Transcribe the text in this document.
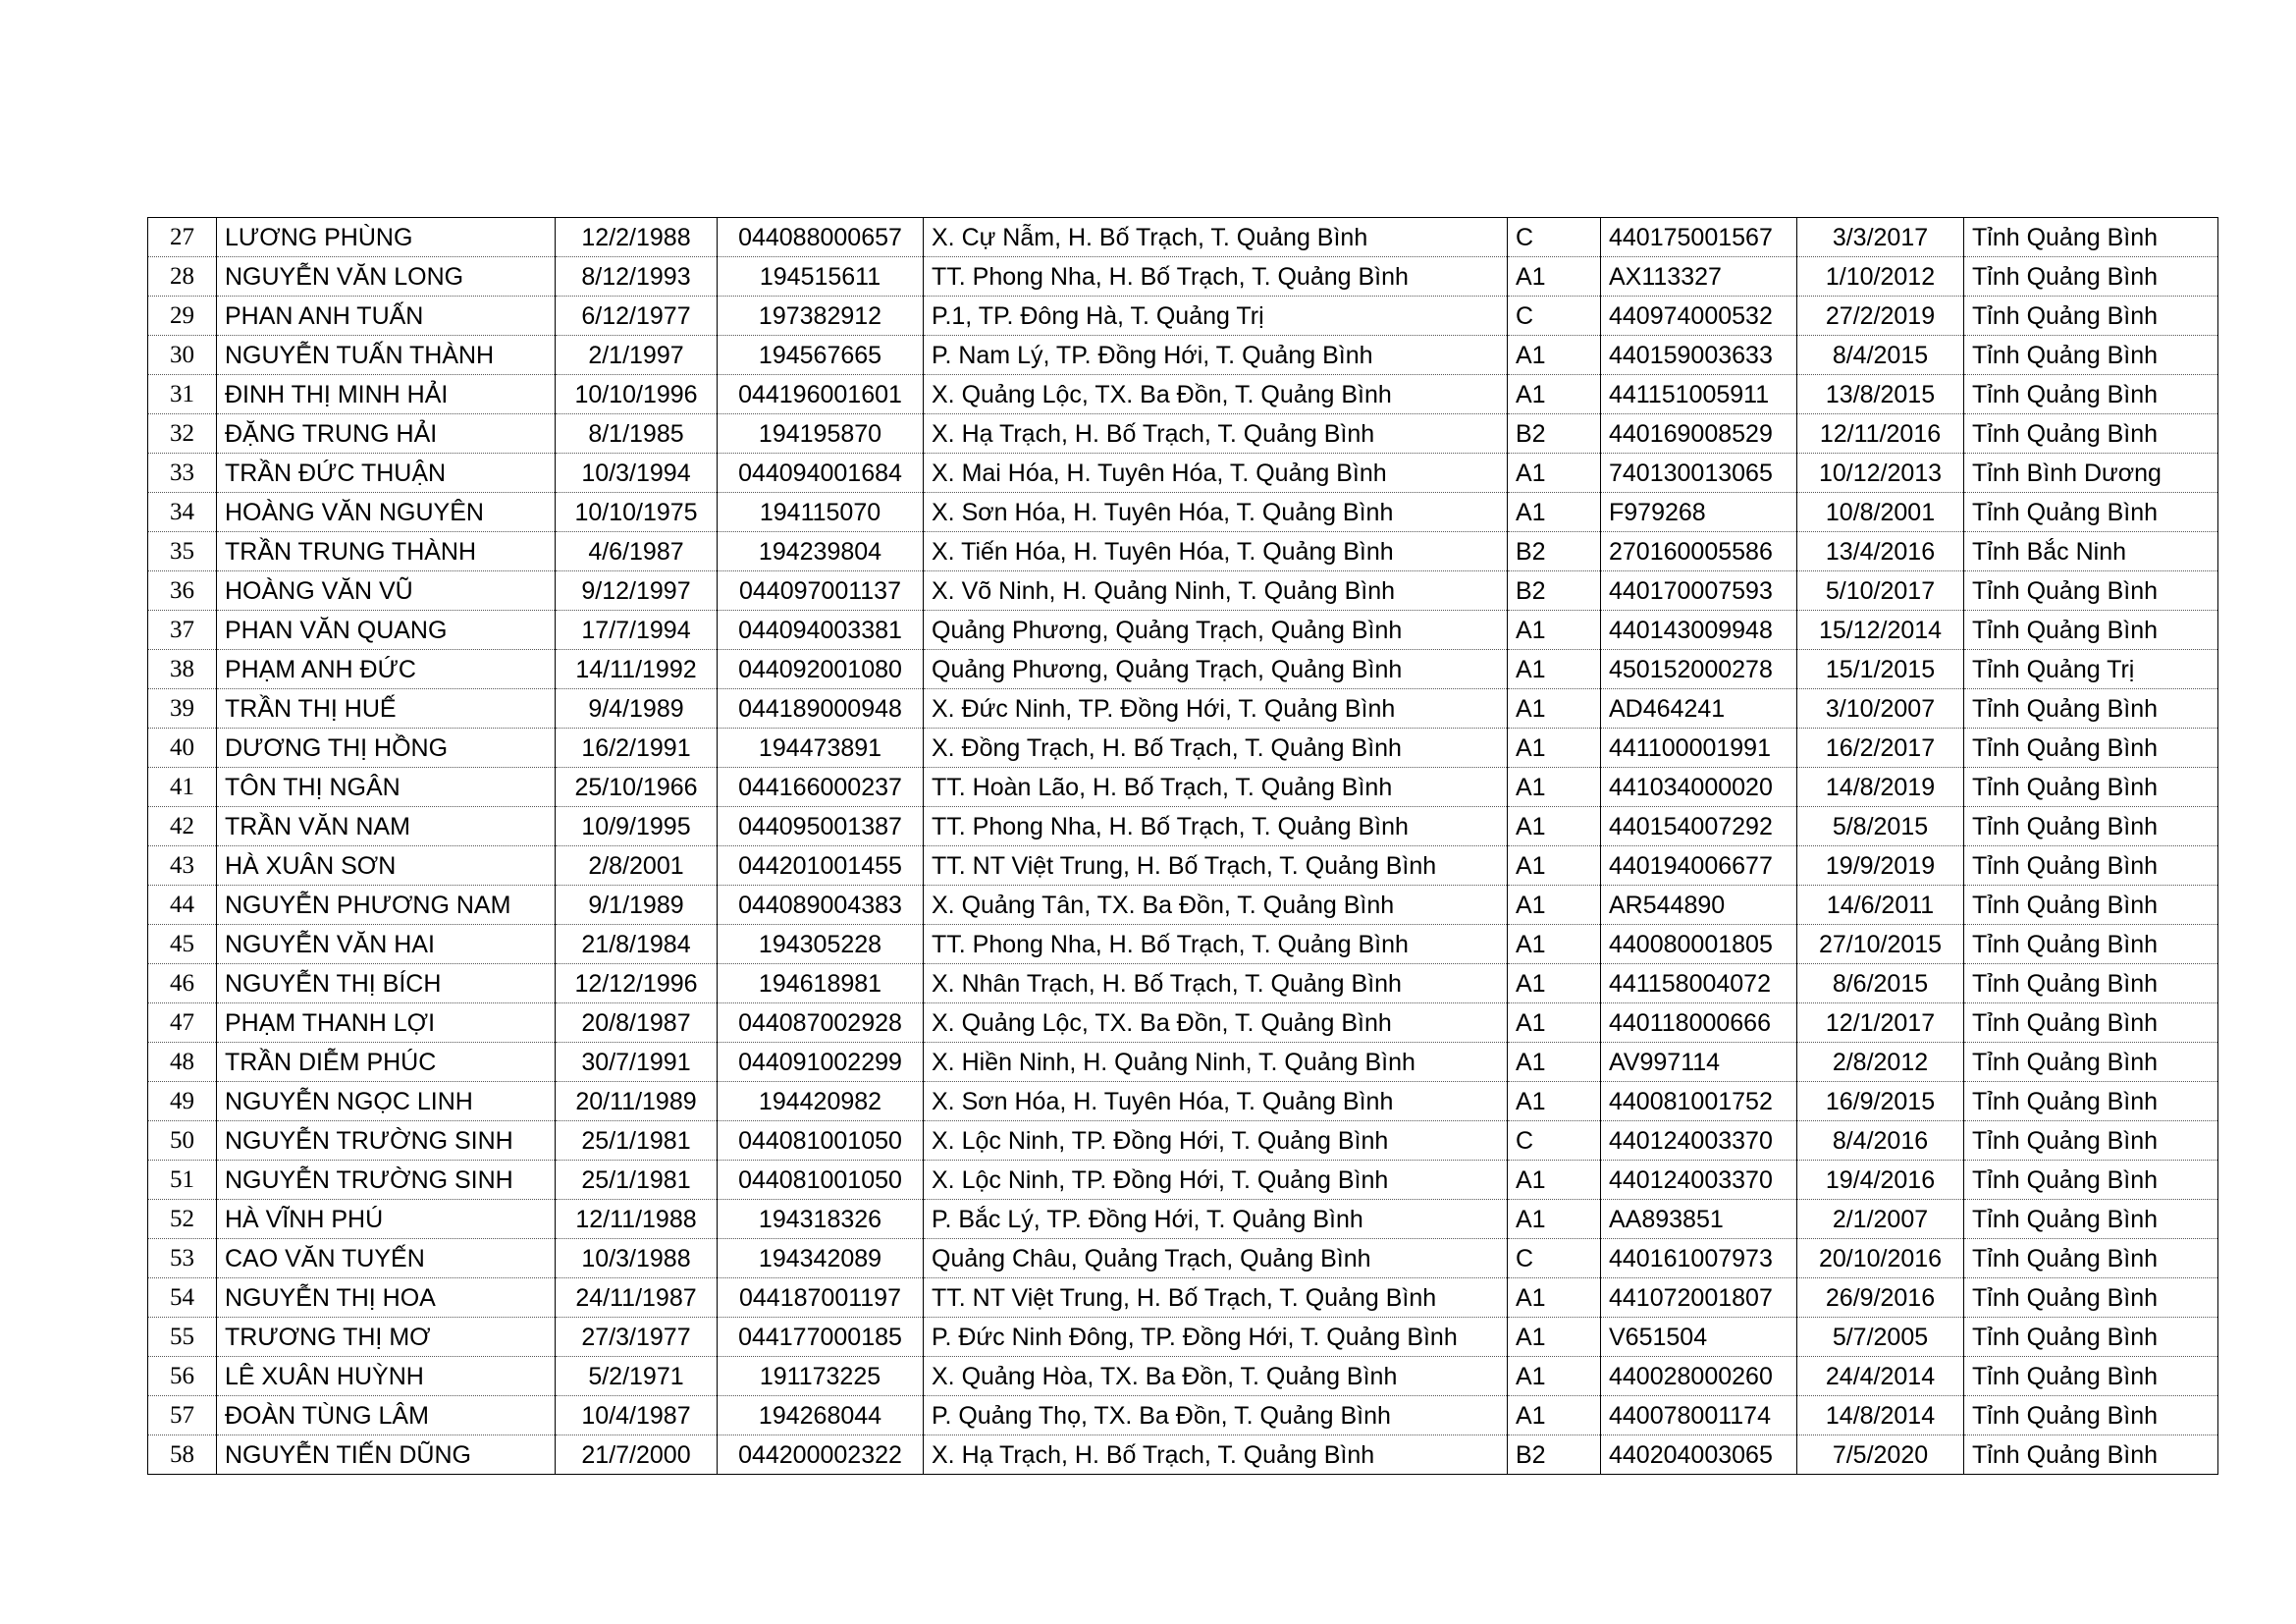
27	LƯƠNG PHÙNG	12/2/1988	044088000657	X. Cự Nẫm, H. Bố Trạch, T. Quảng Bình	C	440175001567	3/3/2017	Tỉnh Quảng Bình
28	NGUYỄN VĂN LONG	8/12/1993	194515611	TT. Phong Nha, H. Bố Trạch, T. Quảng Bình	A1	AX113327	1/10/2012	Tỉnh Quảng Bình
29	PHAN ANH TUẤN	6/12/1977	197382912	P.1, TP. Đông Hà, T. Quảng Trị	C	440974000532	27/2/2019	Tỉnh Quảng Bình
30	NGUYỄN TUẤN THÀNH	2/1/1997	194567665	P. Nam Lý, TP. Đồng Hới, T. Quảng Bình	A1	440159003633	8/4/2015	Tỉnh Quảng Bình
31	ĐINH THỊ MINH HẢI	10/10/1996	044196001601	X. Quảng Lộc, TX. Ba Đồn, T. Quảng Bình	A1	441151005911	13/8/2015	Tỉnh Quảng Bình
32	ĐẶNG TRUNG HẢI	8/1/1985	194195870	X. Hạ Trạch, H. Bố Trạch, T. Quảng Bình	B2	440169008529	12/11/2016	Tỉnh Quảng Bình
33	TRẦN ĐỨC THUẬN	10/3/1994	044094001684	X. Mai Hóa, H. Tuyên Hóa, T. Quảng Bình	A1	740130013065	10/12/2013	Tỉnh Bình Dương
34	HOÀNG VĂN NGUYÊN	10/10/1975	194115070	X. Sơn Hóa, H. Tuyên Hóa, T. Quảng Bình	A1	F979268	10/8/2001	Tỉnh Quảng Bình
35	TRẦN TRUNG THÀNH	4/6/1987	194239804	X. Tiến Hóa, H. Tuyên Hóa, T. Quảng Bình	B2	270160005586	13/4/2016	Tỉnh Bắc Ninh
36	HOÀNG VĂN VŨ	9/12/1997	044097001137	X. Võ Ninh, H. Quảng Ninh, T. Quảng Bình	B2	440170007593	5/10/2017	Tỉnh Quảng Bình
37	PHAN VĂN QUANG	17/7/1994	044094003381	Quảng Phương, Quảng Trạch, Quảng Bình	A1	440143009948	15/12/2014	Tỉnh Quảng Bình
38	PHẠM ANH ĐỨC	14/11/1992	044092001080	Quảng Phương, Quảng Trạch, Quảng Bình	A1	450152000278	15/1/2015	Tỉnh Quảng Trị
39	TRẦN THỊ HUẾ	9/4/1989	044189000948	X. Đức Ninh, TP. Đồng Hới, T. Quảng Bình	A1	AD464241	3/10/2007	Tỉnh Quảng Bình
40	DƯƠNG THỊ HỒNG	16/2/1991	194473891	X. Đồng Trạch, H. Bố Trạch, T. Quảng Bình	A1	441100001991	16/2/2017	Tỉnh Quảng Bình
41	TÔN THỊ NGÂN	25/10/1966	044166000237	TT. Hoàn Lão, H. Bố Trạch, T. Quảng Bình	A1	441034000020	14/8/2019	Tỉnh Quảng Bình
42	TRẦN VĂN NAM	10/9/1995	044095001387	TT. Phong Nha, H. Bố Trạch, T. Quảng Bình	A1	440154007292	5/8/2015	Tỉnh Quảng Bình
43	HÀ XUÂN SƠN	2/8/2001	044201001455	TT. NT Việt Trung, H. Bố Trạch, T. Quảng Bình	A1	440194006677	19/9/2019	Tỉnh Quảng Bình
44	NGUYỄN PHƯƠNG NAM	9/1/1989	044089004383	X. Quảng Tân, TX. Ba Đồn, T. Quảng Bình	A1	AR544890	14/6/2011	Tỉnh Quảng Bình
45	NGUYỄN VĂN HAI	21/8/1984	194305228	TT. Phong Nha, H. Bố Trạch, T. Quảng Bình	A1	440080001805	27/10/2015	Tỉnh Quảng Bình
46	NGUYỄN THỊ BÍCH	12/12/1996	194618981	X. Nhân Trạch, H. Bố Trạch, T. Quảng Bình	A1	441158004072	8/6/2015	Tỉnh Quảng Bình
47	PHẠM THANH LỢI	20/8/1987	044087002928	X. Quảng Lộc, TX. Ba Đồn, T. Quảng Bình	A1	440118000666	12/1/2017	Tỉnh Quảng Bình
48	TRẦN DIỄM PHÚC	30/7/1991	044091002299	X. Hiền Ninh, H. Quảng Ninh, T. Quảng Bình	A1	AV997114	2/8/2012	Tỉnh Quảng Bình
49	NGUYỄN NGỌC LINH	20/11/1989	194420982	X. Sơn Hóa, H. Tuyên Hóa, T. Quảng Bình	A1	440081001752	16/9/2015	Tỉnh Quảng Bình
50	NGUYỄN TRƯỜNG SINH	25/1/1981	044081001050	X. Lộc Ninh, TP. Đồng Hới, T. Quảng Bình	C	440124003370	8/4/2016	Tỉnh Quảng Bình
51	NGUYỄN TRƯỜNG SINH	25/1/1981	044081001050	X. Lộc Ninh, TP. Đồng Hới, T. Quảng Bình	A1	440124003370	19/4/2016	Tỉnh Quảng Bình
52	HÀ VĨNH PHÚ	12/11/1988	194318326	P. Bắc Lý, TP. Đồng Hới, T. Quảng Bình	A1	AA893851	2/1/2007	Tỉnh Quảng Bình
53	CAO VĂN TUYẾN	10/3/1988	194342089	Quảng Châu, Quảng Trạch, Quảng Bình	C	440161007973	20/10/2016	Tỉnh Quảng Bình
54	NGUYỄN THỊ HOA	24/11/1987	044187001197	TT. NT Việt Trung, H. Bố Trạch, T. Quảng Bình	A1	441072001807	26/9/2016	Tỉnh Quảng Bình
55	TRƯƠNG THỊ MƠ	27/3/1977	044177000185	P. Đức Ninh Đông, TP. Đồng Hới, T. Quảng Bình	A1	V651504	5/7/2005	Tỉnh Quảng Bình
56	LÊ XUÂN HUỲNH	5/2/1971	191173225	X. Quảng Hòa, TX. Ba Đồn, T. Quảng Bình	A1	440028000260	24/4/2014	Tỉnh Quảng Bình
57	ĐOÀN TÙNG LÂM	10/4/1987	194268044	P. Quảng Thọ, TX. Ba Đồn, T. Quảng Bình	A1	440078001174	14/8/2014	Tỉnh Quảng Bình
58	NGUYỄN TIẾN DŨNG	21/7/2000	044200002322	X. Hạ Trạch, H. Bố Trạch, T. Quảng Bình	B2	440204003065	7/5/2020	Tỉnh Quảng Bình
